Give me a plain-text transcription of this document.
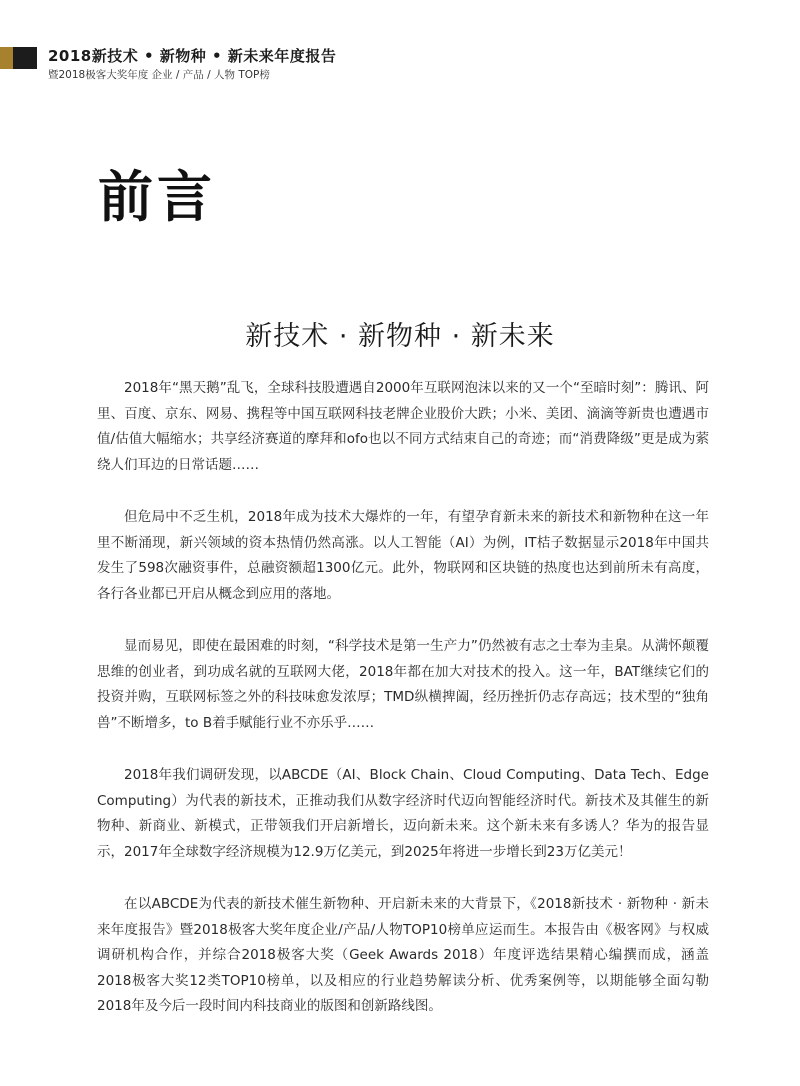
2018新技术 • 新物种 • 新未来年度报告
暨2018极客大奖年度 企业 / 产品 / 人物 TOP榜
前言
新技术 · 新物种 · 新未来

2018年“黑天鹅”乱飞，全球科技股遭遇自2000年互联网泡沫以来的又一个“至暗时刻”：腾讯、阿里、百度、京东、网易、携程等中国互联网科技老牌企业股价大跌；小米、美团、滴滴等新贵也遭遇市值/估值大幅缩水；共享经济赛道的摩拜和ofo也以不同方式结束自己的奇迹；而“消费降级”更是成为萦绕人们耳边的日常话题……

但危局中不乏生机，2018年成为技术大爆炸的一年，有望孕育新未来的新技术和新物种在这一年里不断涌现，新兴领域的资本热情仍然高涨。以人工智能（AI）为例，IT桔子数据显示2018年中国共发生了598次融资事件，总融资额超1300亿元。此外，物联网和区块链的热度也达到前所未有高度，各行各业都已开启从概念到应用的落地。

显而易见，即使在最困难的时刻，“科学技术是第一生产力”仍然被有志之士奉为圭臬。从满怀颠覆思维的创业者，到功成名就的互联网大佬，2018年都在加大对技术的投入。这一年，BAT继续它们的投资并购，互联网标签之外的科技味愈发浓厚；TMD纵横捭阖，经历挫折仍志存高远；技术型的“独角兽”不断增多，to B着手赋能行业不亦乐乎……

2018年我们调研发现，以ABCDE（AI、Block Chain、Cloud Computing、Data Tech、Edge Computing）为代表的新技术，正推动我们从数字经济时代迈向智能经济时代。新技术及其催生的新物种、新商业、新模式，正带领我们开启新增长，迈向新未来。这个新未来有多诱人？华为的报告显示，2017年全球数字经济规模为12.9万亿美元，到2025年将进一步增长到23万亿美元！

在以ABCDE为代表的新技术催生新物种、开启新未来的大背景下，《2018新技术 · 新物种 · 新未来年度报告》暨2018极客大奖年度企业/产品/人物TOP10榜单应运而生。本报告由《极客网》与权威调研机构合作，并综合2018极客大奖（Geek Awards 2018）年度评选结果精心编撰而成，涵盖2018极客大奖12类TOP10榜单，以及相应的行业趋势解读分析、优秀案例等，以期能够全面勾勒2018年及今后一段时间内科技商业的版图和创新路线图。
